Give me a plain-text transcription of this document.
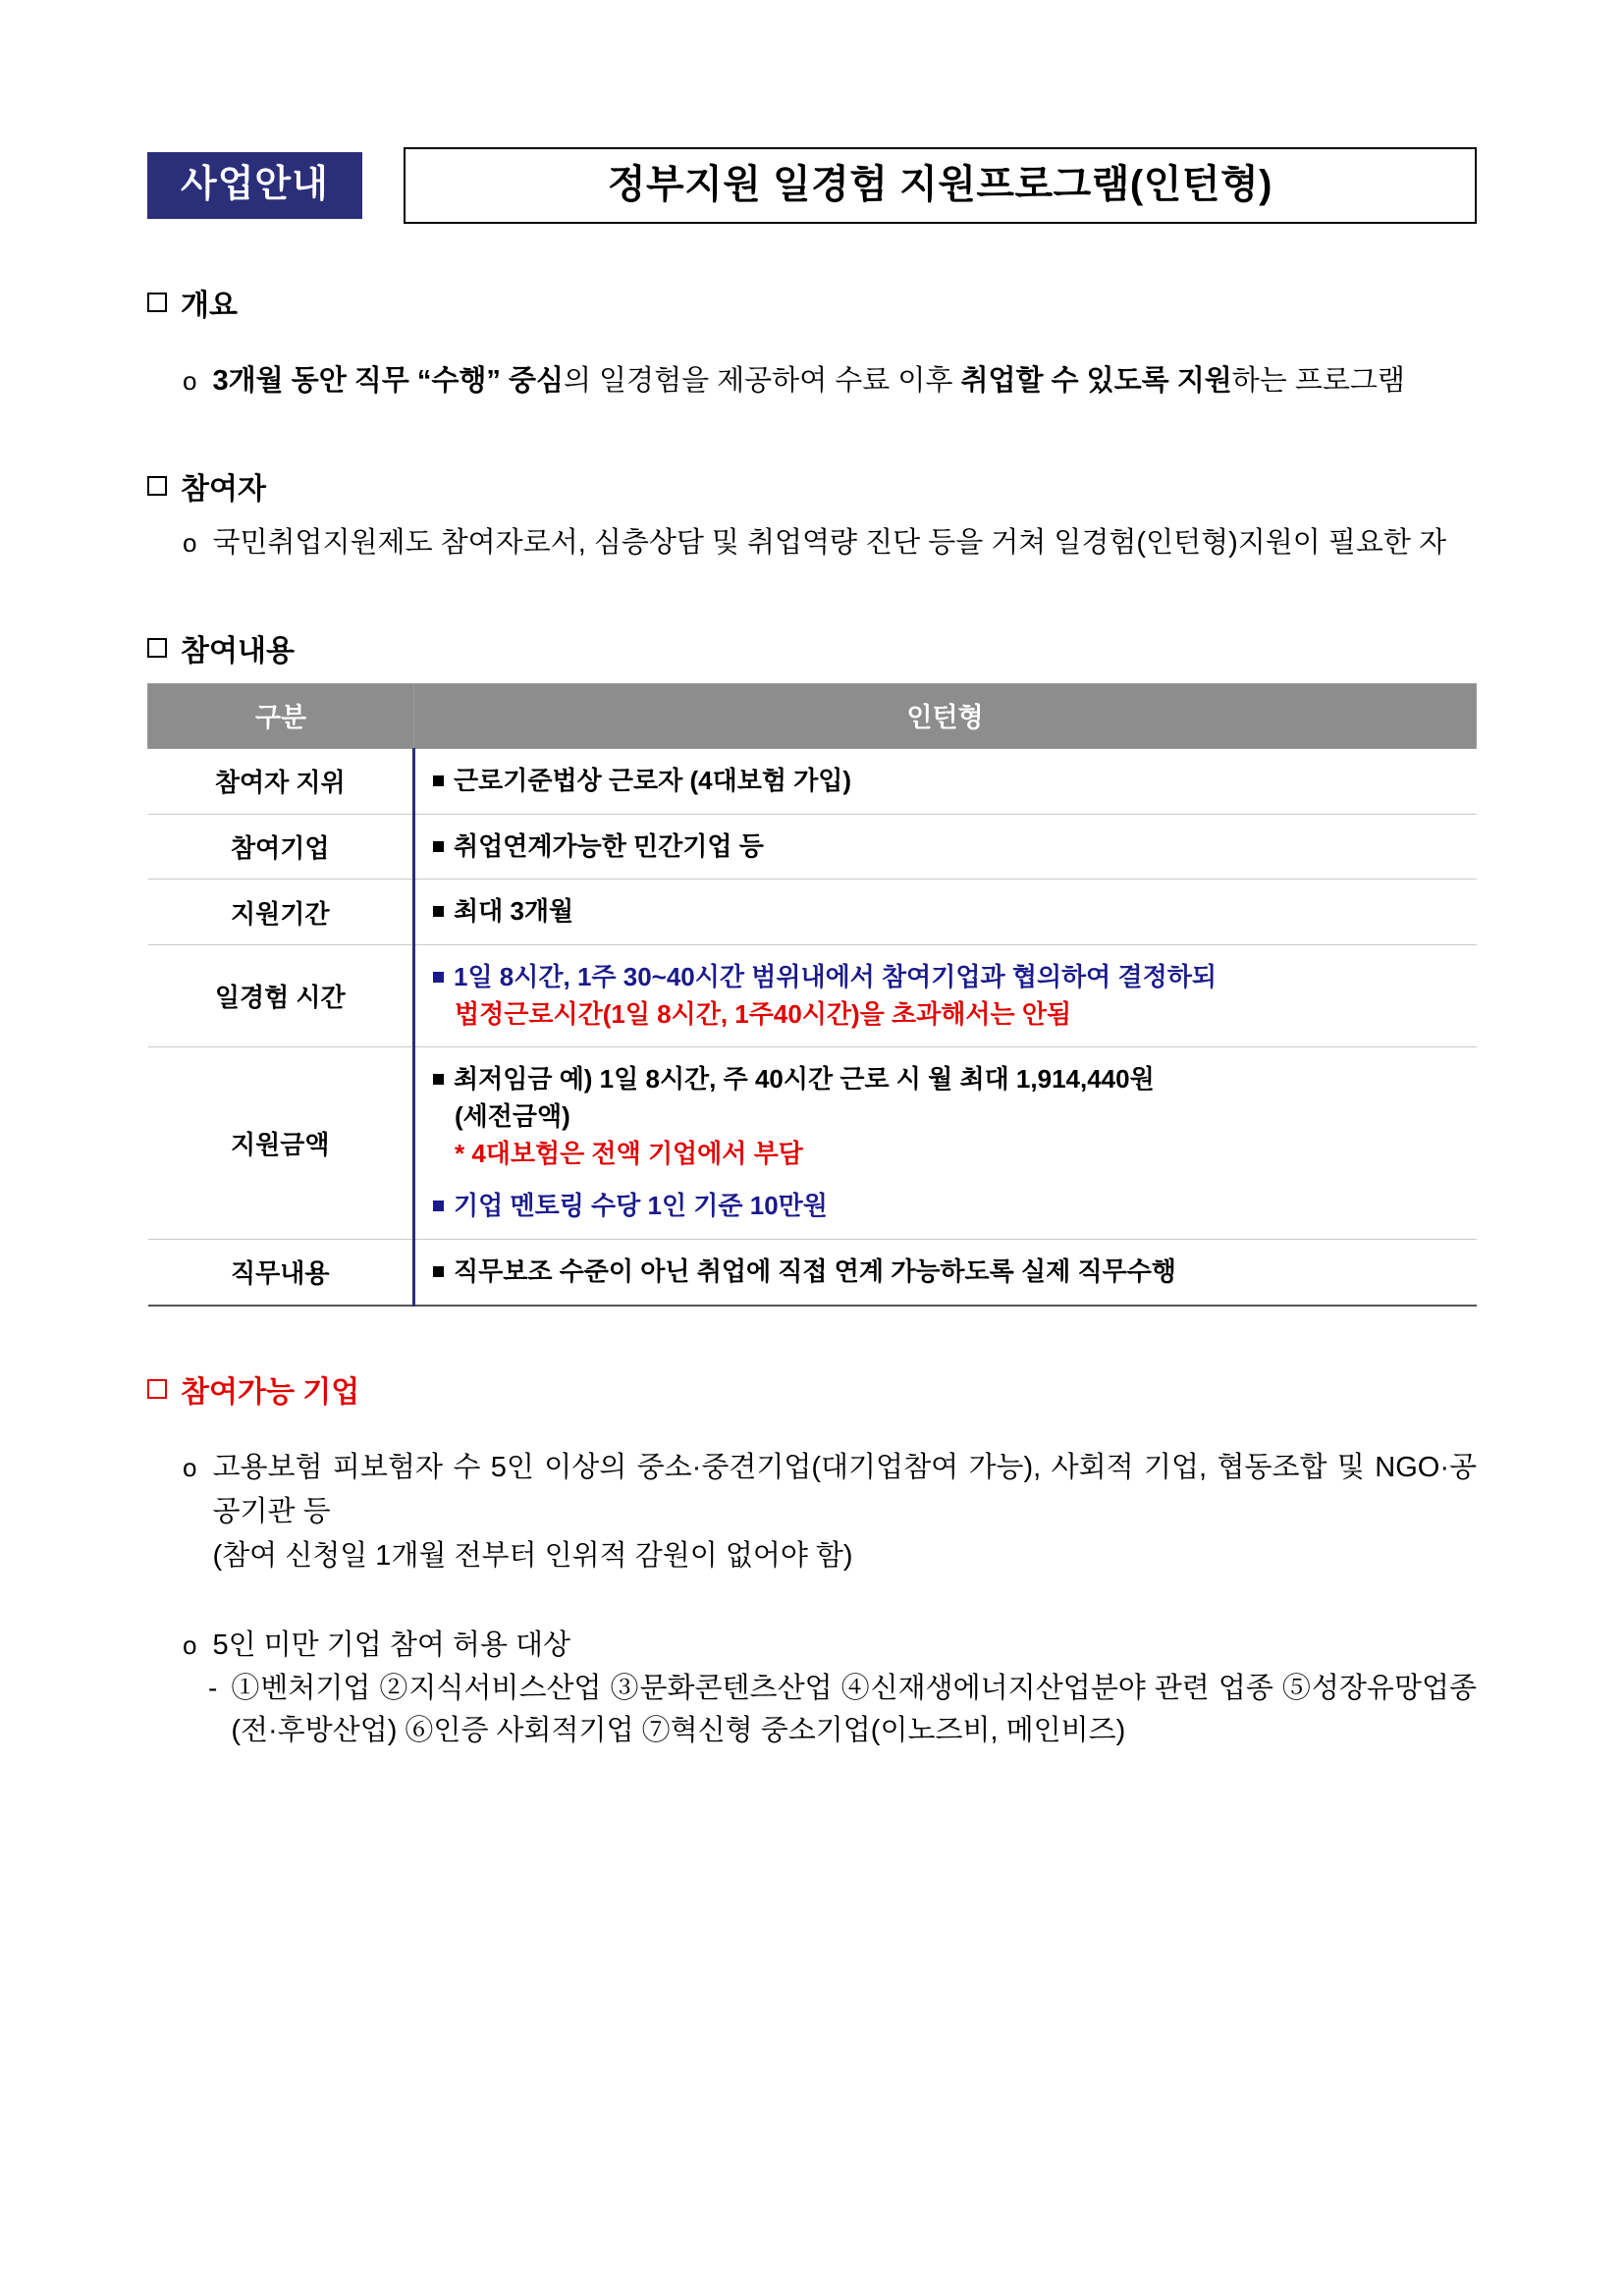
사업안내	정부지원 일경험 지원프로그램(인턴형)
개요
o 3개월 동안 직무 “수행” 중심의 일경험을 제공하여 수료 이후 취업할 수 있도록 지원하는 프로그램
참여자
o 국민취업지원제도 참여자로서, 심층상담 및 취업역량 진단 등을 거쳐 일경험(인턴형)지원이 필요한 자
참여내용
구분	인턴형
참여자 지위	근로기준법상 근로자 (4대보험 가입)

참여기업	취업연계가능한 민간기업 등

지원기간	최대 3개월

일경험 시간	1일 8시간, 1주 30~40시간 범위내에서 참여기업과 협의하여 결정하되
법정근로시간(1일 8시간, 1주40시간)을 초과해서는 안됨

지원금액	최저임금 예) 1일 8시간, 주 40시간 근로 시 월 최대 1,914,440원
(세전금액)
* 4대보험은 전액 기업에서 부담
기업 멘토링 수당 1인 기준 10만원

직무내용	직무보조 수준이 아닌 취업에 직접 연계 가능하도록 실제 직무수행
참여가능 기업
o 고용보험 피보험자 수 5인 이상의 중소·중견기업(대기업참여 가능), 사회적 기업, 협동조합 및 NGO·공공기관 등
(참여 신청일 1개월 전부터 인위적 감원이 없어야 함)
o 5인 미만 기업 참여 허용 대상
- ①벤처기업 ②지식서비스산업 ③문화콘텐츠산업 ④신재생에너지산업분야 관련 업종 ⑤성장유망업종(전·후방산업) ⑥인증 사회적기업 ⑦혁신형 중소기업(이노즈비, 메인비즈)
